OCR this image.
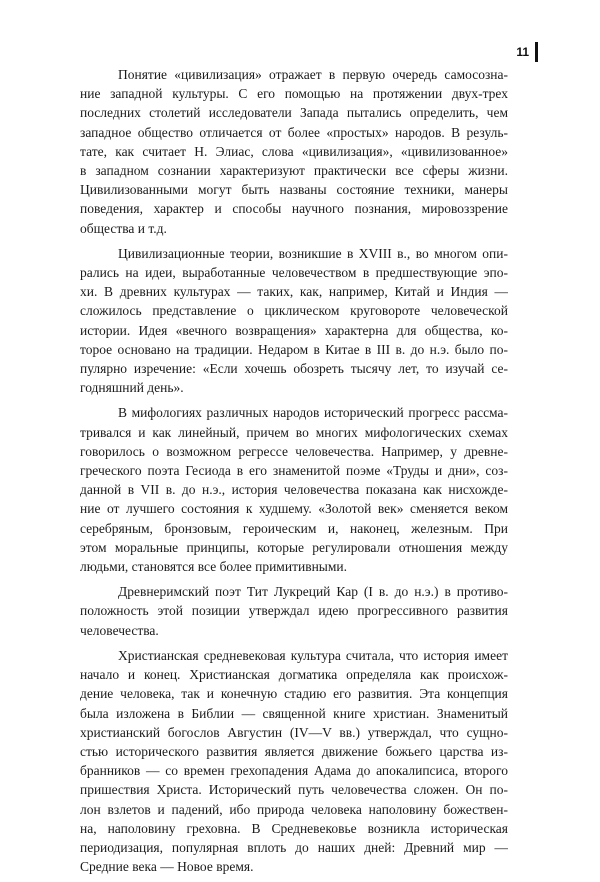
11
Понятие «цивилизация» отражает в первую очередь самосозна-
ние западной культуры. С его помощью на протяжении двух-трех
последних столетий исследователи Запада пытались определить, чем
западное общество отличается от более «простых» народов. В резуль-
тате, как считает Н. Элиас, слова «цивилизация», «цивилизованное»
в западном сознании характеризуют практически все сферы жизни.
Цивилизованными могут быть названы состояние техники, манеры
поведения, характер и способы научного познания, мировоззрение
общества и т.д.
Цивилизационные теории, возникшие в XVIII в., во многом опи-
рались на идеи, выработанные человечеством в предшествующие эпо-
хи. В древних культурах — таких, как, например, Китай и Индия —
сложилось представление о циклическом круговороте человеческой
истории. Идея «вечного возвращения» характерна для общества, ко-
торое основано на традиции. Недаром в Китае в III в. до н.э. было по-
пулярно изречение: «Если хочешь обозреть тысячу лет, то изучай се-
годняшний день».
В мифологиях различных народов исторический прогресс рассма-
тривался и как линейный, причем во многих мифологических схемах
говорилось о возможном регрессе человечества. Например, у древне-
греческого поэта Гесиода в его знаменитой поэме «Труды и дни», соз-
данной в VII в. до н.э., история человечества показана как нисхожде-
ние от лучшего состояния к худшему. «Золотой век» сменяется веком
серебряным, бронзовым, героическим и, наконец, железным. При
этом моральные принципы, которые регулировали отношения между
людьми, становятся все более примитивными.
Древнеримский поэт Тит Лукреций Кар (I в. до н.э.) в противо-
положность этой позиции утверждал идею прогрессивного развития
человечества.
Христианская средневековая культура считала, что история имеет
начало и конец. Христианская догматика определяла как происхож-
дение человека, так и конечную стадию его развития. Эта концепция
была изложена в Библии — священной книге христиан. Знаменитый
христианский богослов Августин (IV—V вв.) утверждал, что сущно-
стью исторического развития является движение божьего царства из-
бранников — со времен грехопадения Адама до апокалипсиса, второго
пришествия Христа. Исторический путь человечества сложен. Он по-
лон взлетов и падений, ибо природа человека наполовину божествен-
на, наполовину греховна. В Средневековье возникла историческая
периодизация, популярная вплоть до наших дней: Древний мир —
Средние века — Новое время.
